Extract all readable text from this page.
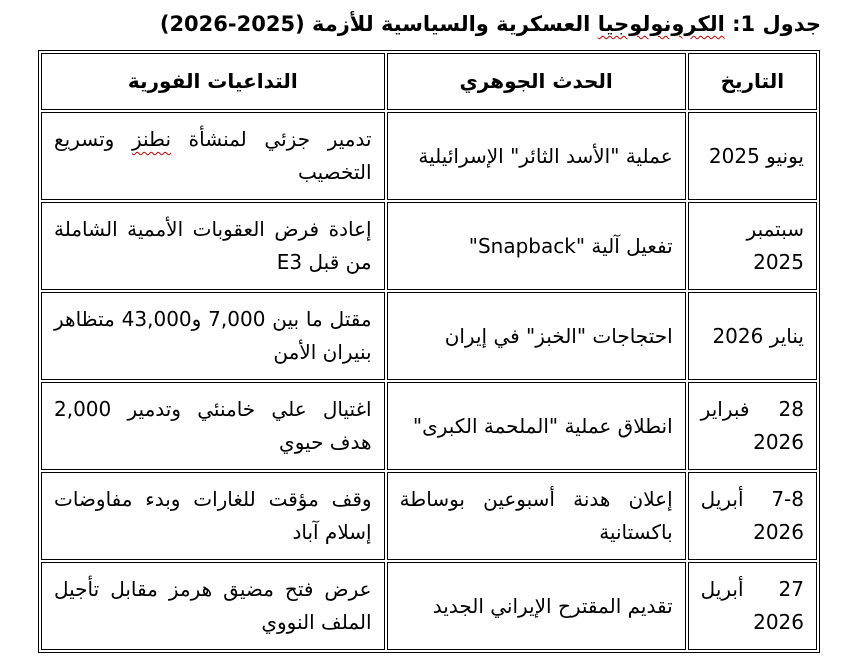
جدول 1: الكرونولوجيا العسكرية والسياسية للأزمة (2025-2026)
التاريخ	الحدث الجوهري	التداعيات الفورية
يونيو 2025	عملية "الأسد الثائر" الإسرائيلية	تدمير جزئي لمنشأة نطنز وتسريع التخصيب
سبتمبر 2025	تفعيل آلية "Snapback"	إعادة فرض العقوبات الأممية الشاملة من قبل E3
يناير 2026	احتجاجات "الخبز" في إيران	مقتل ما بين 7,000 و43,000 متظاهر بنيران الأمن
28 فبراير 2026	انطلاق عملية "الملحمة الكبرى"	اغتيال علي خامنئي وتدمير 2,000 هدف حيوي
7-8 أبريل 2026	إعلان هدنة أسبوعين بوساطة باكستانية	وقف مؤقت للغارات وبدء مفاوضات إسلام آباد
27 أبريل 2026	تقديم المقترح الإيراني الجديد	عرض فتح مضيق هرمز مقابل تأجيل الملف النووي
